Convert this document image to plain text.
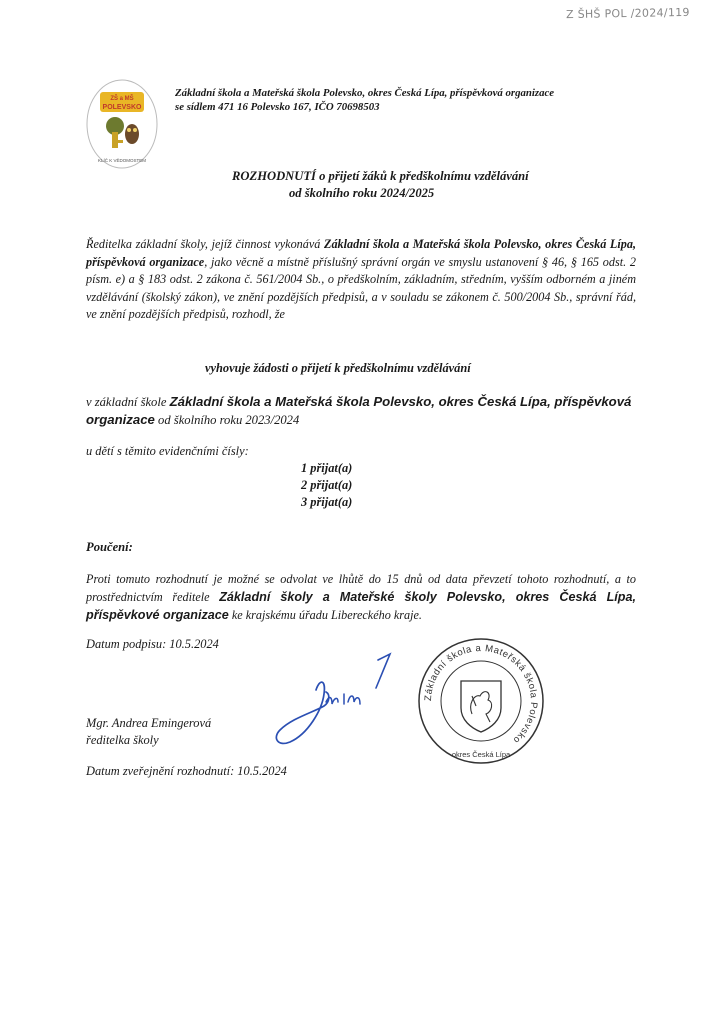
Z ŠHŠ POL /2024/119
ZŠ a MŠ
POLEVSKO
KLÍČ K VĚDOMOSTEM
Základní škola a Mateřská škola Polevsko, okres Česká Lípa, příspěvková organizace
se sídlem 471 16 Polevsko 167, IČO 70698503
ROZHODNUTÍ o přijetí žáků k předškolnímu vzdělávání
od školního roku 2024/2025
Ředitelka základní školy, jejíž činnost vykonává Základní škola a Mateřská škola Polevsko, okres Česká Lípa, příspěvková organizace, jako věcně a místně příslušný správní orgán ve smyslu ustanovení § 46, § 165 odst. 2 písm. e) a § 183 odst. 2 zákona č. 561/2004 Sb., o předškolním, základním, středním, vyšším odborném a jiném vzdělávání (školský zákon), ve znění pozdějších předpisů, a v souladu se zákonem č. 500/2004 Sb., správní řád, ve znění pozdějších předpisů, rozhodl, že
vyhovuje žádosti o přijetí k předškolnímu vzdělávání
v základní škole Základní škola a Mateřská škola Polevsko, okres Česká Lípa, příspěvková organizace od školního roku 2023/2024
u dětí s těmito evidenčními čísly:
1 přijat(a)
2 přijat(a)
3 přijat(a)
Poučení:
Proti tomuto rozhodnutí je možné se odvolat ve lhůtě do 15 dnů od data převzetí tohoto rozhodnutí, a to prostřednictvím ředitele Základní školy a Mateřské školy Polevsko, okres Česká Lípa, příspěvkové organizace ke krajskému úřadu Libereckého kraje.
Datum podpisu: 10.5.2024
Základní škola a Mateřská škola Polevsko
okres Česká Lípa
Mgr. Andrea Emingerová
ředitelka školy
Datum zveřejnění rozhodnutí: 10.5.2024
